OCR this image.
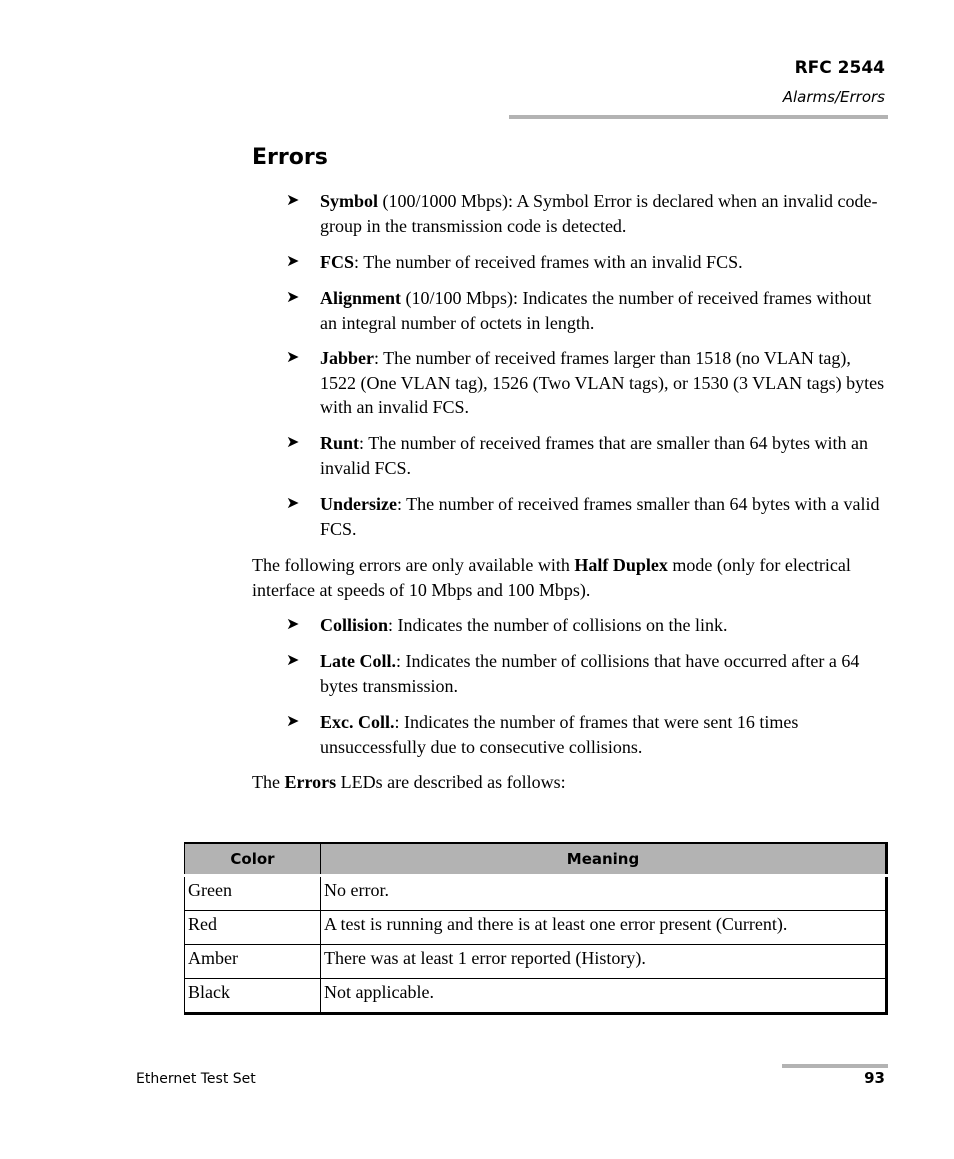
RFC 2544
Alarms/Errors
Errors
➤ Symbol (100/1000 Mbps): A Symbol Error is declared when an invalid code-group in the transmission code is detected.
➤ FCS: The number of received frames with an invalid FCS.
➤ Alignment (10/100 Mbps): Indicates the number of received frames without an integral number of octets in length.
➤ Jabber: The number of received frames larger than 1518 (no VLAN tag), 1522 (One VLAN tag), 1526 (Two VLAN tags), or 1530 (3 VLAN tags) bytes with an invalid FCS.
➤ Runt: The number of received frames that are smaller than 64 bytes with an invalid FCS.
➤ Undersize: The number of received frames smaller than 64 bytes with a valid FCS.

The following errors are only available with Half Duplex mode (only for electrical interface at speeds of 10 Mbps and 100 Mbps).

➤ Collision: Indicates the number of collisions on the link.
➤ Late Coll.: Indicates the number of collisions that have occurred after a 64 bytes transmission.
➤ Exc. Coll.: Indicates the number of frames that were sent 16 times unsuccessfully due to consecutive collisions.

The Errors LEDs are described as follows:

Color	Meaning
Green	No error.
Red	A test is running and there is at least one error present (Current).
Amber	There was at least 1 error reported (History).
Black	Not applicable.
Ethernet Test Set	93
